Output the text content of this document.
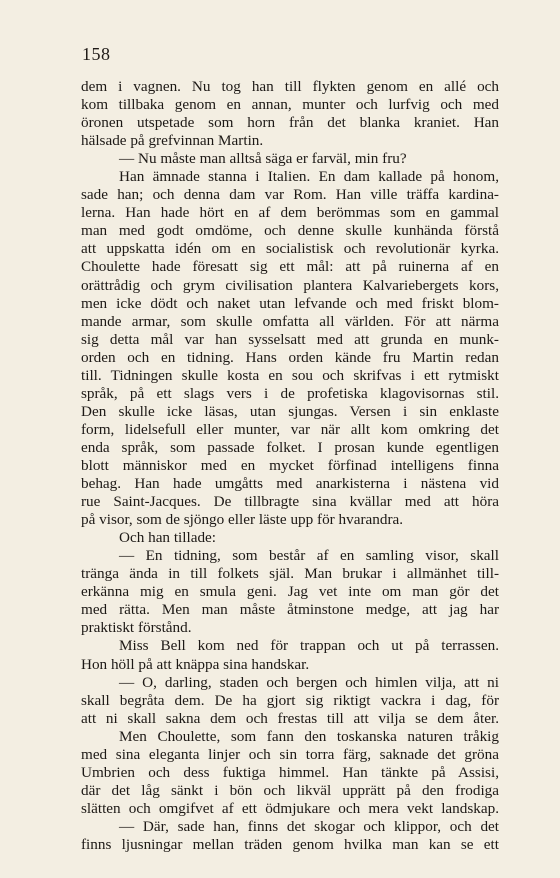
158
dem i vagnen. Nu tog han till flykten genom en allé och
kom tillbaka genom en annan, munter och lurfvig och med
öronen utspetade som horn från det blanka kraniet. Han
hälsade på grefvinnan Martin.
— Nu måste man alltså säga er farväl, min fru?
Han ämnade stanna i Italien. En dam kallade på honom,
sade han; och denna dam var Rom. Han ville träffa kardina-
lerna. Han hade hört en af dem berömmas som en gammal
man med godt omdöme, och denne skulle kunhända förstå
att uppskatta idén om en socialistisk och revolutionär kyrka.
Choulette hade föresatt sig ett mål: att på ruinerna af en
orättrådig och grym civilisation plantera Kalvariebergets kors,
men icke dödt och naket utan lefvande och med friskt blom-
mande armar, som skulle omfatta all världen. För att närma
sig detta mål var han sysselsatt med att grunda en munk-
orden och en tidning. Hans orden kände fru Martin redan
till. Tidningen skulle kosta en sou och skrifvas i ett rytmiskt
språk, på ett slags vers i de profetiska klagovisornas stil.
Den skulle icke läsas, utan sjungas. Versen i sin enklaste
form, lidelsefull eller munter, var när allt kom omkring det
enda språk, som passade folket. I prosan kunde egentligen
blott människor med en mycket förfinad intelligens finna
behag. Han hade umgåtts med anarkisterna i nästena vid
rue Saint-Jacques. De tillbragte sina kvällar med att höra
på visor, som de sjöngo eller läste upp för hvarandra.
Och han tillade:
— En tidning, som består af en samling visor, skall
tränga ända in till folkets själ. Man brukar i allmänhet till-
erkänna mig en smula geni. Jag vet inte om man gör det
med rätta. Men man måste åtminstone medge, att jag har
praktiskt förstånd.
Miss Bell kom ned för trappan och ut på terrassen.
Hon höll på att knäppa sina handskar.
— O, darling, staden och bergen och himlen vilja, att ni
skall begråta dem. De ha gjort sig riktigt vackra i dag, för
att ni skall sakna dem och frestas till att vilja se dem åter.
Men Choulette, som fann den toskanska naturen tråkig
med sina eleganta linjer och sin torra färg, saknade det gröna
Umbrien och dess fuktiga himmel. Han tänkte på Assisi,
där det låg sänkt i bön och likväl upprätt på den frodiga
slätten och omgifvet af ett ödmjukare och mera vekt landskap.
— Där, sade han, finns det skogar och klippor, och det
finns ljusningar mellan träden genom hvilka man kan se ett
